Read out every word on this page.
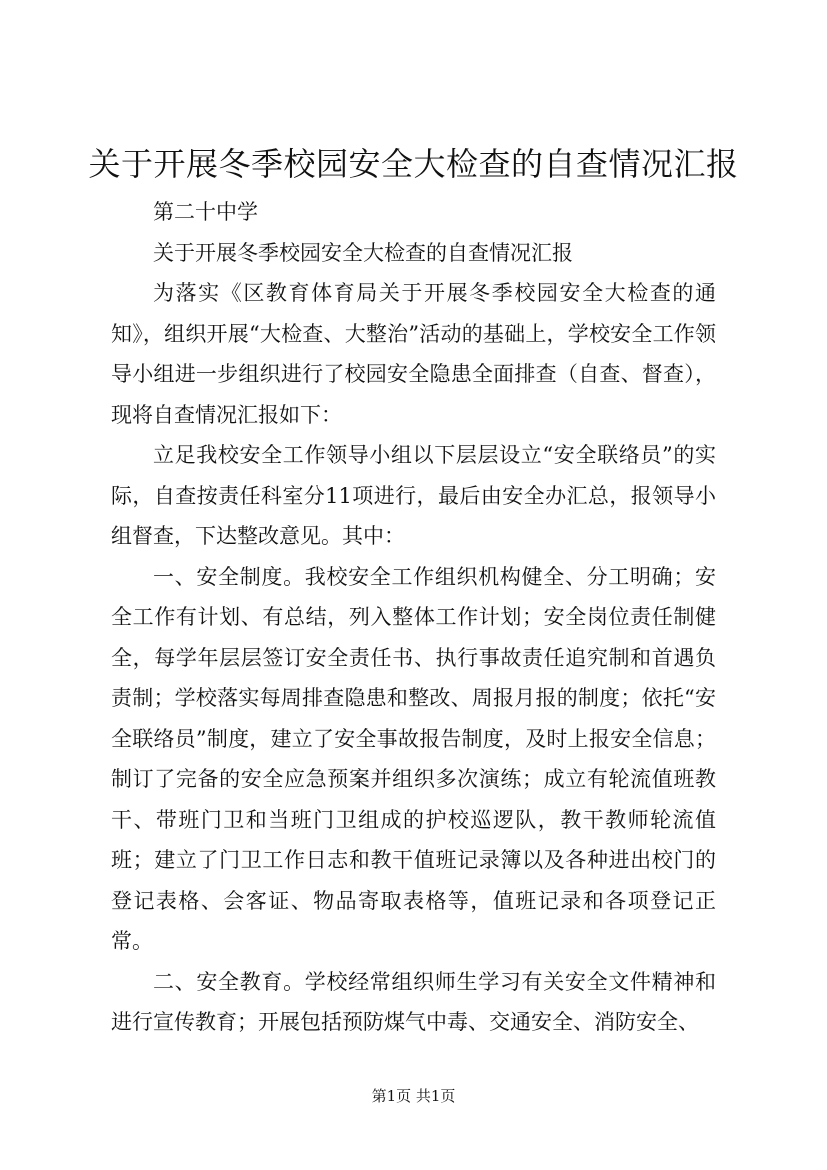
关于开展冬季校园安全大检查的自查情况汇报

第二十中学

关于开展冬季校园安全大检查的自查情况汇报

为落实《区教育体育局关于开展冬季校园安全大检查的通知》，组织开展“大检查、大整治”活动的基础上，学校安全工作领导小组进一步组织进行了校园安全隐患全面排查（自查、督查），现将自查情况汇报如下：

立足我校安全工作领导小组以下层层设立“安全联络员”的实际，自查按责任科室分11项进行，最后由安全办汇总，报领导小组督查，下达整改意见。其中：

一、安全制度。我校安全工作组织机构健全、分工明确；安全工作有计划、有总结，列入整体工作计划；安全岗位责任制健全，每学年层层签订安全责任书、执行事故责任追究制和首遇负责制；学校落实每周排查隐患和整改、周报月报的制度；依托“安全联络员”制度，建立了安全事故报告制度，及时上报安全信息；制订了完备的安全应急预案并组织多次演练；成立有轮流值班教干、带班门卫和当班门卫组成的护校巡逻队，教干教师轮流值班；建立了门卫工作日志和教干值班记录簿以及各种进出校门的登记表格、会客证、物品寄取表格等，值班记录和各项登记正常。

二、安全教育。学校经常组织师生学习有关安全文件精神和进行宣传教育；开展包括预防煤气中毒、交通安全、消防安全、

第1页 共1页
